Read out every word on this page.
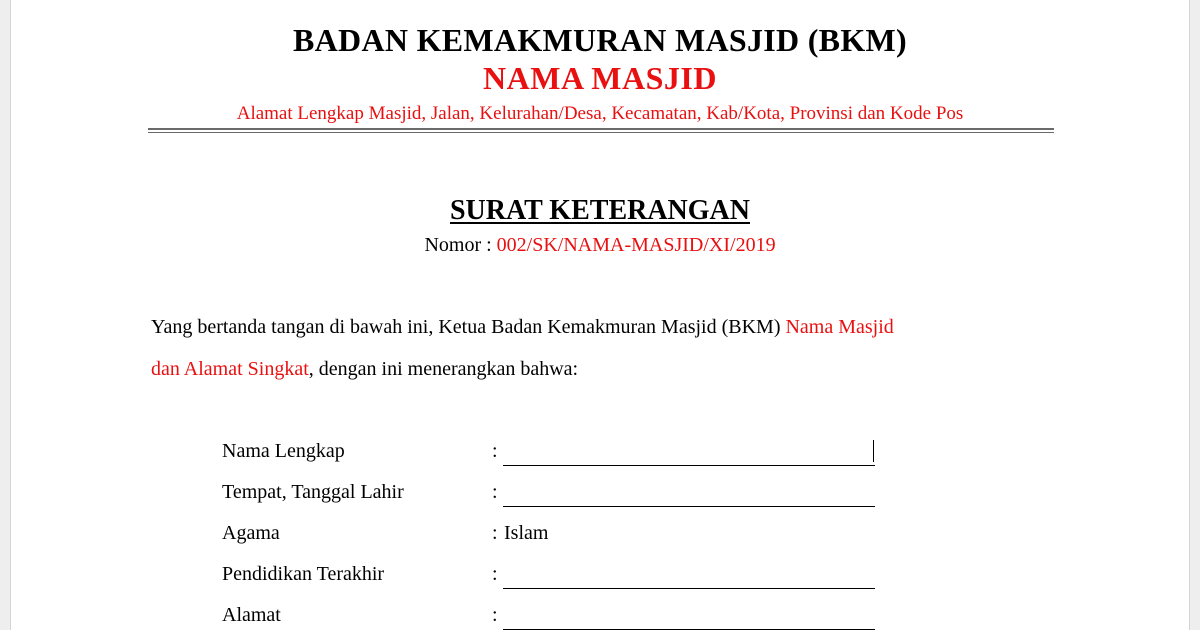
BADAN KEMAKMURAN MASJID (BKM)
NAMA MASJID
Alamat Lengkap Masjid, Jalan, Kelurahan/Desa, Kecamatan, Kab/Kota, Provinsi dan Kode Pos
SURAT KETERANGAN
Nomor : 002/SK/NAMA-MASJID/XI/2019
Yang bertanda tangan di bawah ini, Ketua Badan Kemakmuran Masjid (BKM) Nama Masjid
dan Alamat Singkat, dengan ini menerangkan bahwa:
Nama Lengkap	:
Tempat, Tanggal Lahir	:
Agama	: Islam
Pendidikan Terakhir	:
Alamat	:
